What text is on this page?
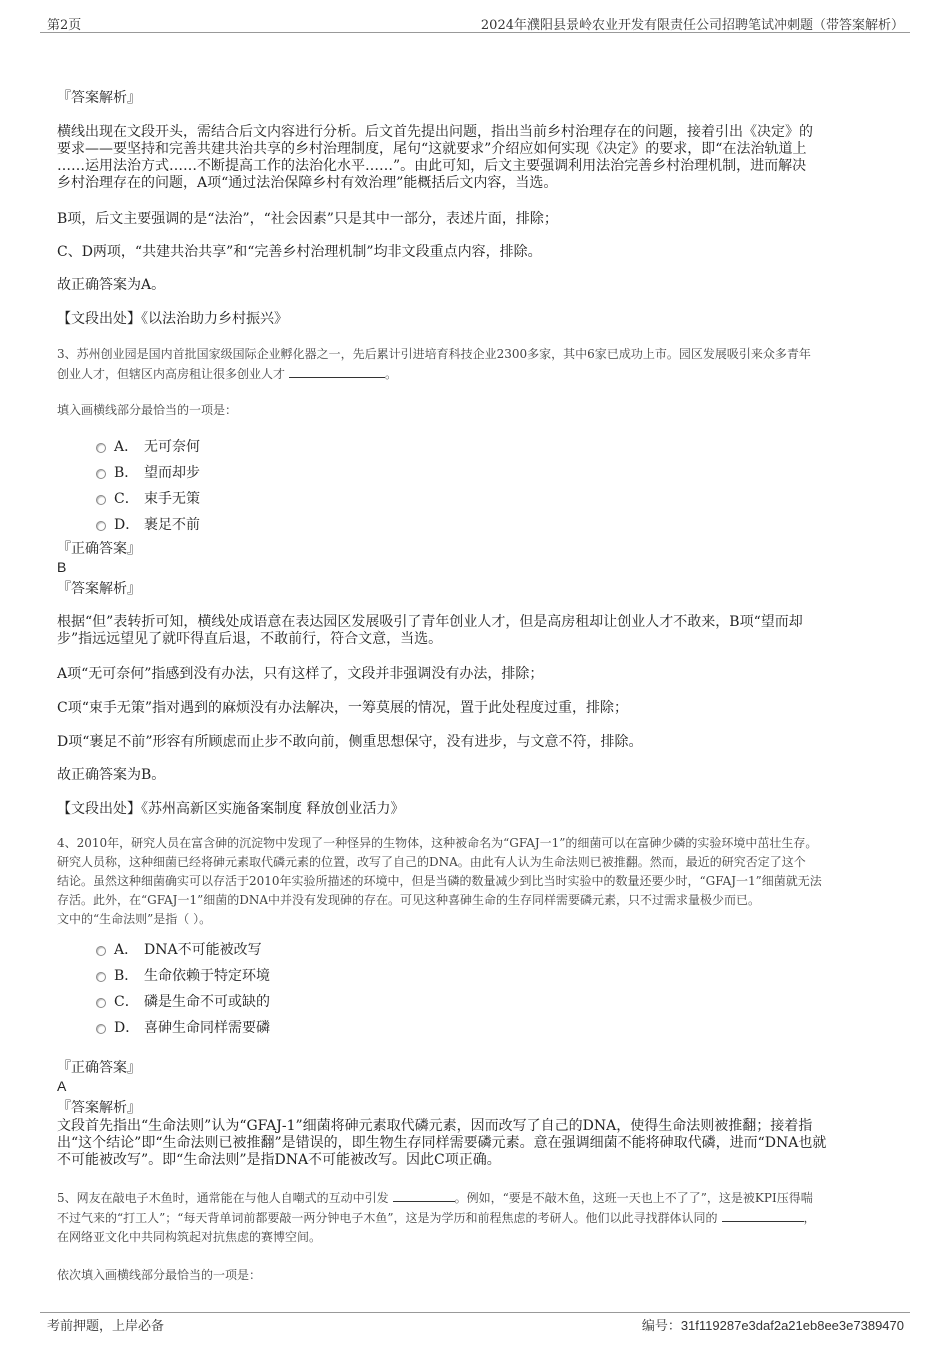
第2页	2024年濮阳县景岭农业开发有限责任公司招聘笔试冲刺题（带答案解析）
『答案解析』
横线出现在文段开头，需结合后文内容进行分析。后文首先提出问题，指出当前乡村治理存在的问题，接着引出《决定》的
要求——要坚持和完善共建共治共享的乡村治理制度，尾句“这就要求”介绍应如何实现《决定》的要求，即“在法治轨道上
……运用法治方式……不断提高工作的法治化水平……”。由此可知，后文主要强调利用法治完善乡村治理机制，进而解决
乡村治理存在的问题，A项“通过法治保障乡村有效治理”能概括后文内容，当选。
B项，后文主要强调的是“法治”，“社会因素”只是其中一部分，表述片面，排除；
C、D两项，“共建共治共享”和“完善乡村治理机制”均非文段重点内容，排除。
故正确答案为A。
【文段出处】《以法治助力乡村振兴》
3、苏州创业园是国内首批国家级国际企业孵化器之一，先后累计引进培育科技企业2300多家，其中6家已成功上市。园区发展吸引来众多青年
创业人才，但辖区内高房租让很多创业人才	。
填入画横线部分最恰当的一项是：
A． 无可奈何
B． 望而却步
C． 束手无策
D． 裹足不前
『正确答案』
B
『答案解析』
根据“但”表转折可知，横线处成语意在表达园区发展吸引了青年创业人才，但是高房租却让创业人才不敢来，B项“望而却
步”指远远望见了就吓得直后退，不敢前行，符合文意，当选。
A项“无可奈何”指感到没有办法，只有这样了，文段并非强调没有办法，排除；
C项“束手无策”指对遇到的麻烦没有办法解决，一筹莫展的情况，置于此处程度过重，排除；
D项“裹足不前”形容有所顾虑而止步不敢向前，侧重思想保守，没有进步，与文意不符，排除。
故正确答案为B。
【文段出处】《苏州高新区实施备案制度 释放创业活力》
4、2010年，研究人员在富含砷的沉淀物中发现了一种怪异的生物体，这种被命名为“GFAJ一1”的细菌可以在富砷少磷的实验环境中茁壮生存。
研究人员称，这种细菌已经将砷元素取代磷元素的位置，改写了自己的DNA。由此有人认为生命法则已被推翻。然而，最近的研究否定了这个
结论。虽然这种细菌确实可以存活于2010年实验所描述的环境中，但是当磷的数量减少到比当时实验中的数量还要少时，“GFAJ一1”细菌就无法
存活。此外，在“GFAJ一1”细菌的DNA中并没有发现砷的存在。可见这种喜砷生命的生存同样需要磷元素，只不过需求量极少而已。
文中的“生命法则”是指（ ）。
A． DNA不可能被改写
B． 生命依赖于特定环境
C． 磷是生命不可或缺的
D． 喜砷生命同样需要磷
『正确答案』
A
『答案解析』
文段首先指出“生命法则”认为“GFAJ-1”细菌将砷元素取代磷元素，因而改写了自己的DNA，使得生命法则被推翻；接着指
出“这个结论”即“生命法则已被推翻”是错误的，即生物生存同样需要磷元素。意在强调细菌不能将砷取代磷，进而“DNA也就
不可能被改写”。即“生命法则”是指DNA不可能被改写。因此C项正确。
5、网友在敲电子木鱼时，通常能在与他人自嘲式的互动中引发	。例如，“要是不敲木鱼，这班一天也上不了了”，这是被KPI压得喘
不过气来的“打工人”；“每天背单词前都要敲一两分钟电子木鱼”，这是为学历和前程焦虑的考研人。他们以此寻找群体认同的	，
在网络亚文化中共同构筑起对抗焦虑的赛博空间。
依次填入画横线部分最恰当的一项是：
考前押题，上岸必备	编号：31f119287e3daf2a21eb8ee3e7389470
